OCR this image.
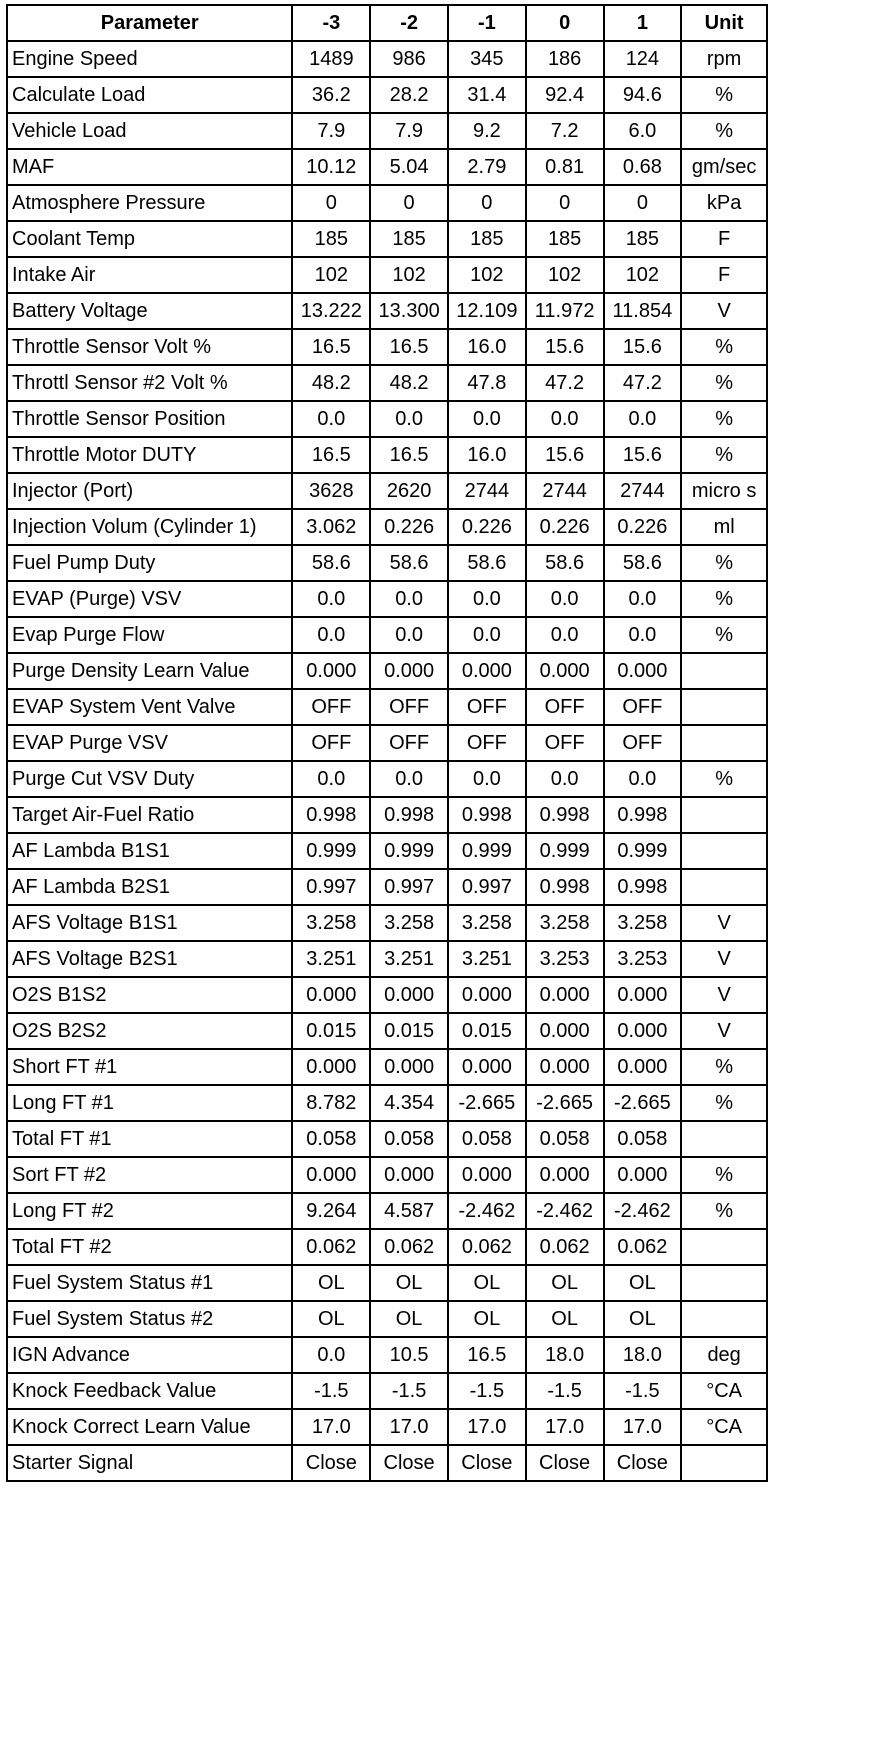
Parameter	-3	-2	-1	0	1	Unit
Engine Speed	1489	986	345	186	124	rpm
Calculate Load	36.2	28.2	31.4	92.4	94.6	%
Vehicle Load	7.9	7.9	9.2	7.2	6.0	%
MAF	10.12	5.04	2.79	0.81	0.68	gm/sec
Atmosphere Pressure	0	0	0	0	0	kPa
Coolant Temp	185	185	185	185	185	F
Intake Air	102	102	102	102	102	F
Battery Voltage	13.222	13.300	12.109	11.972	11.854	V
Throttle Sensor Volt %	16.5	16.5	16.0	15.6	15.6	%
Throttl Sensor #2 Volt %	48.2	48.2	47.8	47.2	47.2	%
Throttle Sensor Position	0.0	0.0	0.0	0.0	0.0	%
Throttle Motor DUTY	16.5	16.5	16.0	15.6	15.6	%
Injector (Port)	3628	2620	2744	2744	2744	micro s
Injection Volum (Cylinder 1)	3.062	0.226	0.226	0.226	0.226	ml
Fuel Pump Duty	58.6	58.6	58.6	58.6	58.6	%
EVAP (Purge) VSV	0.0	0.0	0.0	0.0	0.0	%
Evap Purge Flow	0.0	0.0	0.0	0.0	0.0	%
Purge Density Learn Value	0.000	0.000	0.000	0.000	0.000	
EVAP System Vent Valve	OFF	OFF	OFF	OFF	OFF	
EVAP Purge VSV	OFF	OFF	OFF	OFF	OFF	
Purge Cut VSV Duty	0.0	0.0	0.0	0.0	0.0	%
Target Air-Fuel Ratio	0.998	0.998	0.998	0.998	0.998	
AF Lambda B1S1	0.999	0.999	0.999	0.999	0.999	
AF Lambda B2S1	0.997	0.997	0.997	0.998	0.998	
AFS Voltage B1S1	3.258	3.258	3.258	3.258	3.258	V
AFS Voltage B2S1	3.251	3.251	3.251	3.253	3.253	V
O2S B1S2	0.000	0.000	0.000	0.000	0.000	V
O2S B2S2	0.015	0.015	0.015	0.000	0.000	V
Short FT #1	0.000	0.000	0.000	0.000	0.000	%
Long FT #1	8.782	4.354	-2.665	-2.665	-2.665	%
Total FT #1	0.058	0.058	0.058	0.058	0.058	
Sort FT #2	0.000	0.000	0.000	0.000	0.000	%
Long FT #2	9.264	4.587	-2.462	-2.462	-2.462	%
Total FT #2	0.062	0.062	0.062	0.062	0.062	
Fuel System Status #1	OL	OL	OL	OL	OL	
Fuel System Status #2	OL	OL	OL	OL	OL	
IGN Advance	0.0	10.5	16.5	18.0	18.0	deg
Knock Feedback Value	-1.5	-1.5	-1.5	-1.5	-1.5	°CA
Knock Correct Learn Value	17.0	17.0	17.0	17.0	17.0	°CA
Starter Signal	Close	Close	Close	Close	Close	
